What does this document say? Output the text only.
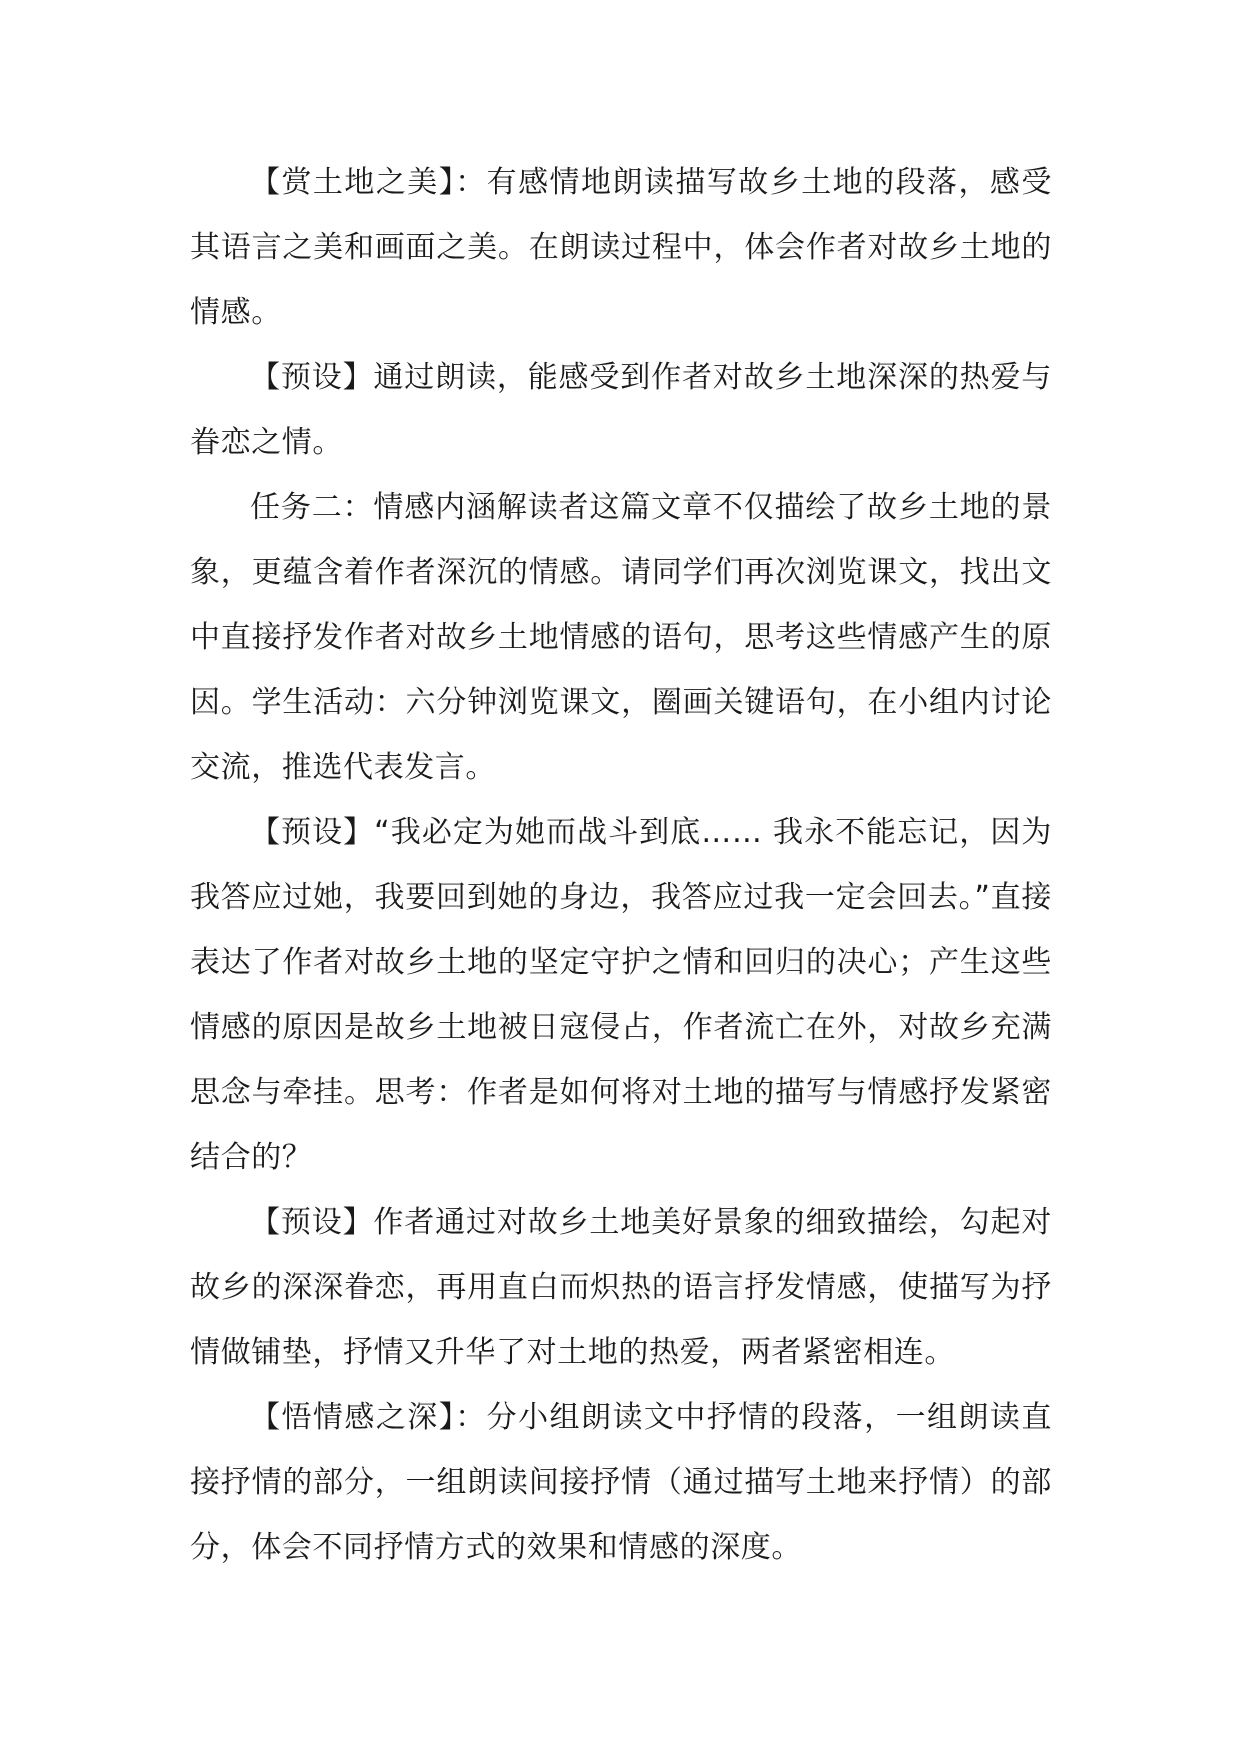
【赏土地之美】：有感情地朗读描写故乡土地的段落，感受其语言之美和画面之美。在朗读过程中，体会作者对故乡土地的情感。

【预设】通过朗读，能感受到作者对故乡土地深深的热爱与眷恋之情。

任务二：情感内涵解读者这篇文章不仅描绘了故乡土地的景象，更蕴含着作者深沉的情感。请同学们再次浏览课文，找出文中直接抒发作者对故乡土地情感的语句，思考这些情感产生的原因。学生活动：六分钟浏览课文，圈画关键语句，在小组内讨论交流，推选代表发言。

【预设】“我必定为她而战斗到底…… 我永不能忘记，因为我答应过她，我要回到她的身边，我答应过我一定会回去。”直接表达了作者对故乡土地的坚定守护之情和回归的决心；产生这些情感的原因是故乡土地被日寇侵占，作者流亡在外，对故乡充满思念与牵挂。思考：作者是如何将对土地的描写与情感抒发紧密结合的？

【预设】作者通过对故乡土地美好景象的细致描绘，勾起对故乡的深深眷恋，再用直白而炽热的语言抒发情感，使描写为抒情做铺垫，抒情又升华了对土地的热爱，两者紧密相连。

【悟情感之深】：分小组朗读文中抒情的段落，一组朗读直接抒情的部分，一组朗读间接抒情（通过描写土地来抒情）的部分，体会不同抒情方式的效果和情感的深度。
